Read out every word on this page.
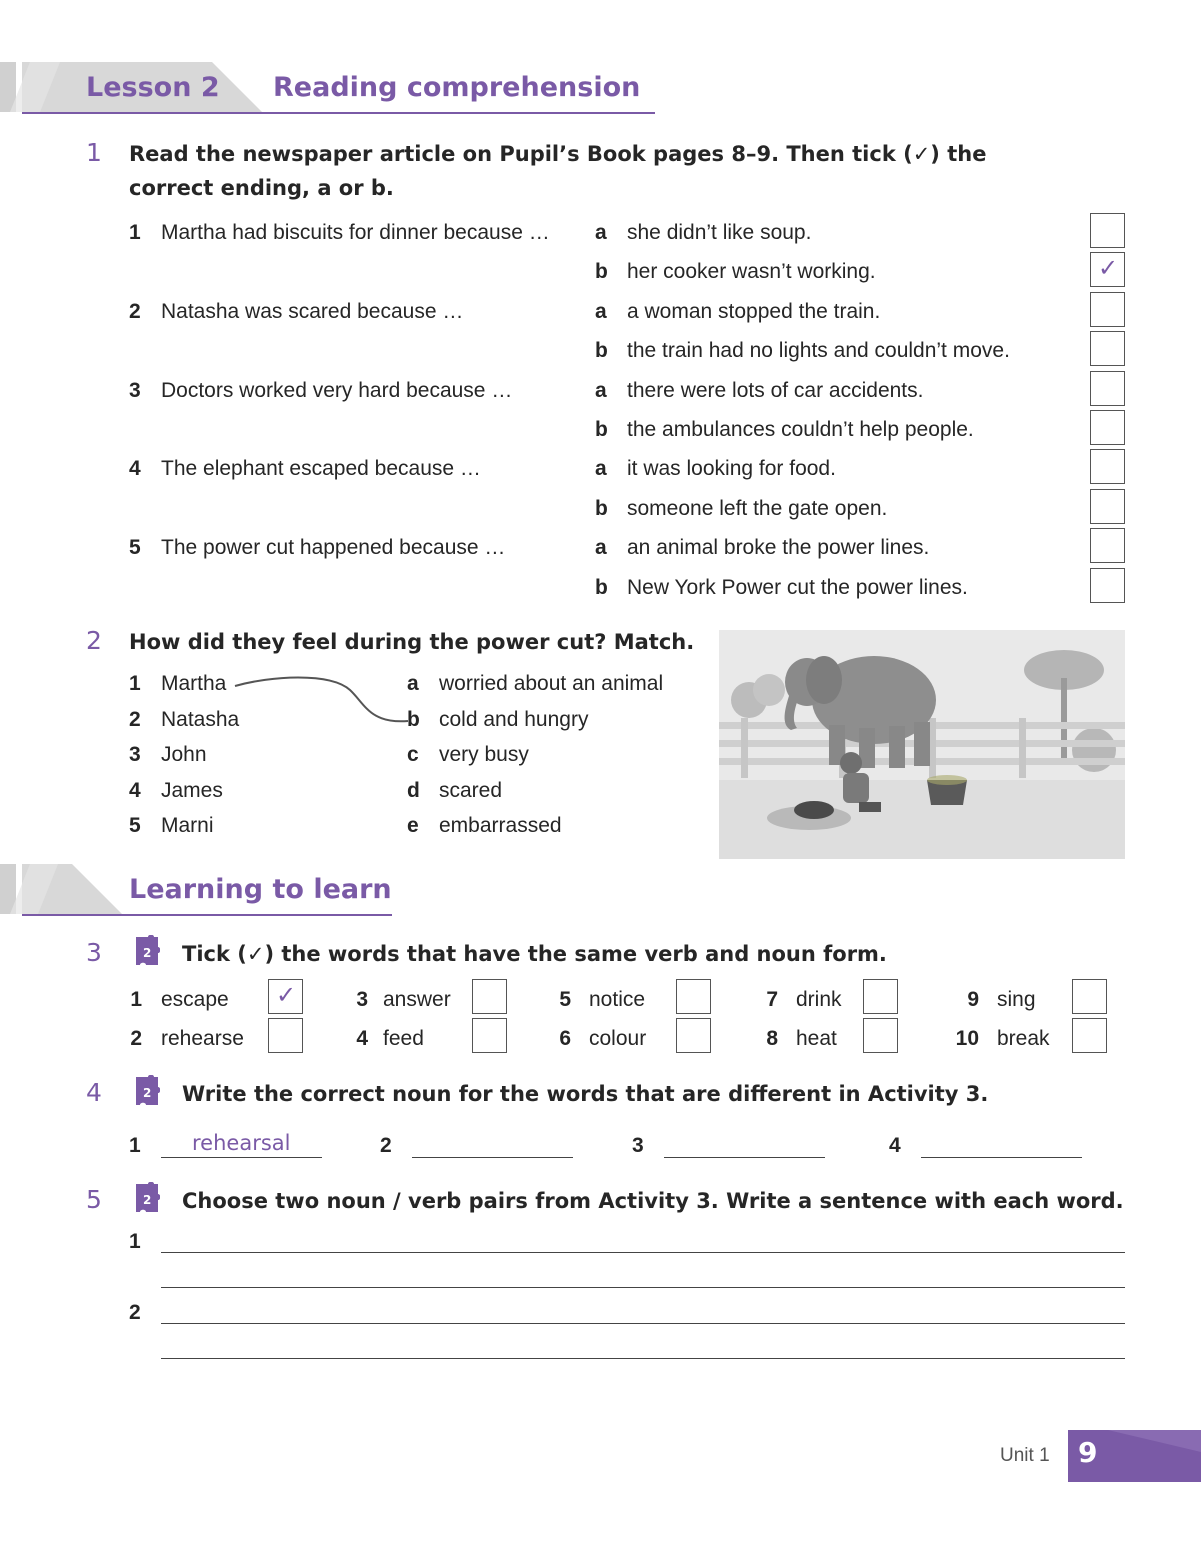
Lesson 2 Reading comprehension
1 Read the newspaper article on Pupil’s Book pages 8–9. Then tick (✓) the correct ending, a or b.
1 Martha had biscuits for dinner because … a she didn’t like soup.
b her cooker wasn’t working.	✓
2 Natasha was scared because …	a a woman stopped the train.
b the train had no lights and couldn’t move.
3 Doctors worked very hard because …	a there were lots of car accidents.
b the ambulances couldn’t help people.
4 The elephant escaped because …	a it was looking for food.
b someone left the gate open.
5 The power cut happened because …	a an animal broke the power lines.
b New York Power cut the power lines.
2 How did they feel during the power cut? Match.
1 Martha
2 Natasha
3 John
4 James
5 Marni
a worried about an animal
b cold and hungry
c very busy
d scared
e embarrassed
Learning to learn
3	2 Tick (✓) the words that have the same verb and noun form.
1 escape ✓
2 rehearse
3 answer
4 feed
5 notice
6 colour
7 drink
8 heat
9 sing
10 break
4	2 Write the correct noun for the words that are different in Activity 3.
1 rehearsal	2	3	4
5	2 Choose two noun / verb pairs from Activity 3. Write a sentence with each word.
1
2
Unit 1 9
